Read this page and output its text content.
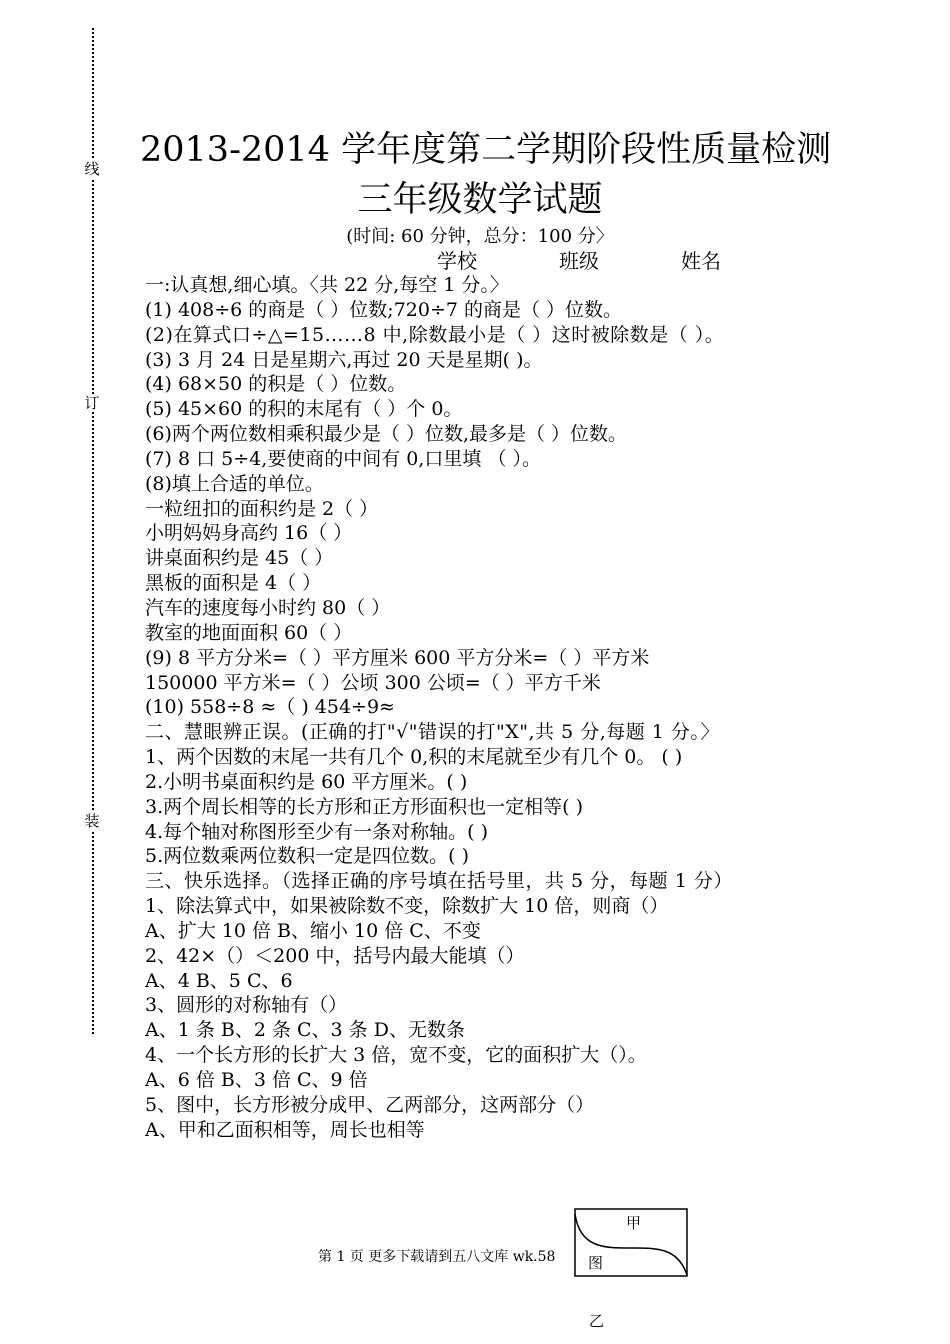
线
订
装
2013-2014 学年度第二学期阶段性质量检测
三年级数学试题
(时间: 60 分钟，总分：100 分〉
学校	班级	姓名
一:认真想,细心填。〈共 22 分,每空 1 分。〉
(1) 408÷6 的商是（ ）位数;720÷7 的商是（ ）位数。
(2)在算式口÷△=15……8 中,除数最小是（ ）这时被除数是（ ）。
(3) 3 月 24 日是星期六,再过 20 天是星期( )。
(4) 68×50 的积是（ ）位数。
(5) 45×60 的积的末尾有（ ）个 0。
(6)两个两位数相乘积最少是（ ）位数,最多是（ ）位数。
(7) 8 口 5÷4,要使商的中间有 0,口里填 （ ）。
(8)填上合适的单位。
一粒纽扣的面积约是 2（ ）
小明妈妈身高约 16（ ）
讲桌面积约是 45（ ）
黑板的面积是 4（ ）
汽车的速度每小时约 80（ ）
教室的地面面积 60（ ）
(9) 8 平方分米=（ ）平方厘米 600 平方分米=（ ）平方米
150000 平方米=（ ）公顷 300 公顷=（ ）平方千米
(10) 558÷8 ≈（ ) 454÷9≈
二、慧眼辨正误。(正确的打"√"错误的打"X",共 5 分,每题 1 分。〉
1、两个因数的末尾一共有几个 0,积的末尾就至少有几个 0。 ( )
2.小明书桌面积约是 60 平方厘米。( )
3.两个周长相等的长方形和正方形面积也一定相等( )
4.每个轴对称图形至少有一条对称轴。( )
5.两位数乘两位数积一定是四位数。( )
三、快乐选择。（选择正确的序号填在括号里，共 5 分，每题 1 分）
1、除法算式中，如果被除数不变，除数扩大 10 倍，则商（）
A、扩大 10 倍 B、缩小 10 倍 C、不变
2、42×（）＜200 中，括号内最大能填（）
A、4 B、5 C、6
3、圆形的对称轴有（）
A、1 条 B、2 条 C、3 条 D、无数条
4、一个长方形的长扩大 3 倍，宽不变，它的面积扩大（）。
A、6 倍 B、3 倍 C、9 倍
5、图中，长方形被分成甲、乙两部分，这两部分（）
A、甲和乙面积相等，周长也相等
甲
图
乙
第 1 页 更多下载请到五八文库 wk.58
